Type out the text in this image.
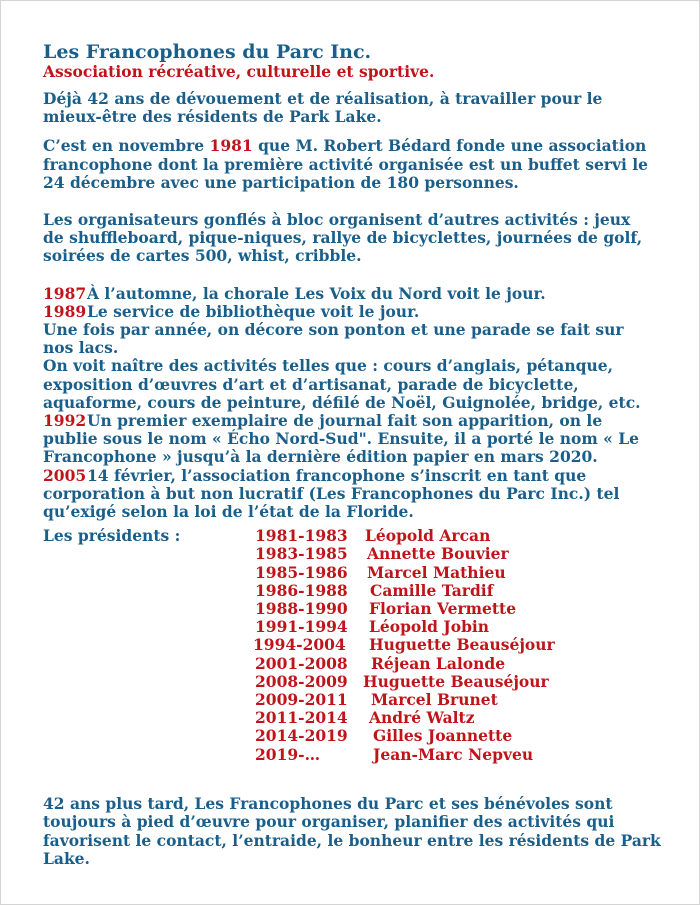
Les Francophones du Parc Inc.
Association récréative, culturelle et sportive.

Déjà 42 ans de dévouement et de réalisation, à travailler pour le mieux-être des résidents de Park Lake.

C’est en novembre 1981 que M. Robert Bédard fonde une association francophone dont la première activité organisée est un buffet servi le 24 décembre avec une participation de 180 personnes.

Les organisateurs gonflés à bloc organisent d’autres activités : jeux de shuffleboard, pique-niques, rallye de bicyclettes, journées de golf, soirées de cartes 500, whist, cribble.

1987À l’automne, la chorale Les Voix du Nord voit le jour.

1989Le service de bibliothèque voit le jour.

Une fois par année, on décore son ponton et une parade se fait sur nos lacs.

On voit naître des activités telles que : cours d’anglais, pétanque, exposition d’œuvres d’art et d’artisanat, parade de bicyclette, aquaforme, cours de peinture, défilé de Noël, Guignolée, bridge, etc.

1992Un premier exemplaire de journal fait son apparition, on le publie sous le nom « Écho Nord-Sud". Ensuite, il a porté le nom « Le Francophone » jusqu’à la dernière édition papier en mars 2020.

200514 février, l’association francophone s’inscrit en tant que corporation à but non lucratif (Les Francophones du Parc Inc.) tel qu’exigé selon la loi de l’état de la Floride.

Les présidents :	1981-1983 Léopold Arcan
1983-1985 Annette Bouvier
1985-1986 Marcel Mathieu
1986-1988 Camille Tardif
1988-1990 Florian Vermette
1991-1994 Léopold Jobin
1994-2004 Huguette Beauséjour
2001-2008 Réjean Lalonde
2008-2009 Huguette Beauséjour
2009-2011 Marcel Brunet
2011-2014 André Waltz
2014-2019 Gilles Joannette
2019-…	Jean-Marc Nepveu

42 ans plus tard, Les Francophones du Parc et ses bénévoles sont toujours à pied d’œuvre pour organiser, planifier des activités qui favorisent le contact, l’entraide, le bonheur entre les résidents de Park Lake.
